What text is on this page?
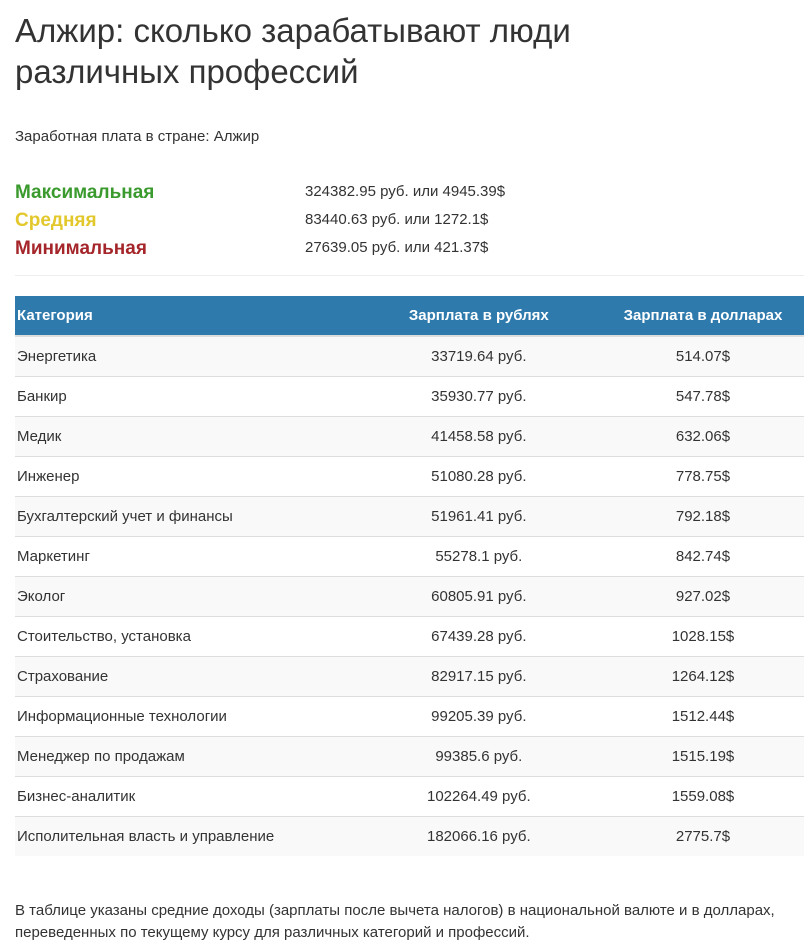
Алжир: сколько зарабатывают люди различных профессий
Заработная плата в стране: Алжир
Максимальная	324382.95 руб. или 4945.39$
Средняя	83440.63 руб. или 1272.1$
Минимальная	27639.05 руб. или 421.37$
Категория	Зарплата в рублях	Зарплата в долларах
Энергетика	33719.64 руб.	514.07$
Банкир	35930.77 руб.	547.78$
Медик	41458.58 руб.	632.06$
Инженер	51080.28 руб.	778.75$
Бухгалтерский учет и финансы	51961.41 руб.	792.18$
Маркетинг	55278.1 руб.	842.74$
Эколог	60805.91 руб.	927.02$
Стоительство, установка	67439.28 руб.	1028.15$
Страхование	82917.15 руб.	1264.12$
Информационные технологии	99205.39 руб.	1512.44$
Менеджер по продажам	99385.6 руб.	1515.19$
Бизнес-аналитик	102264.49 руб.	1559.08$
Исполительная власть и управление	182066.16 руб.	2775.7$
В таблице указаны средние доходы (зарплаты после вычета налогов) в национальной валюте и в долларах, переведенных по текущему курсу для различных категорий и профессий.
